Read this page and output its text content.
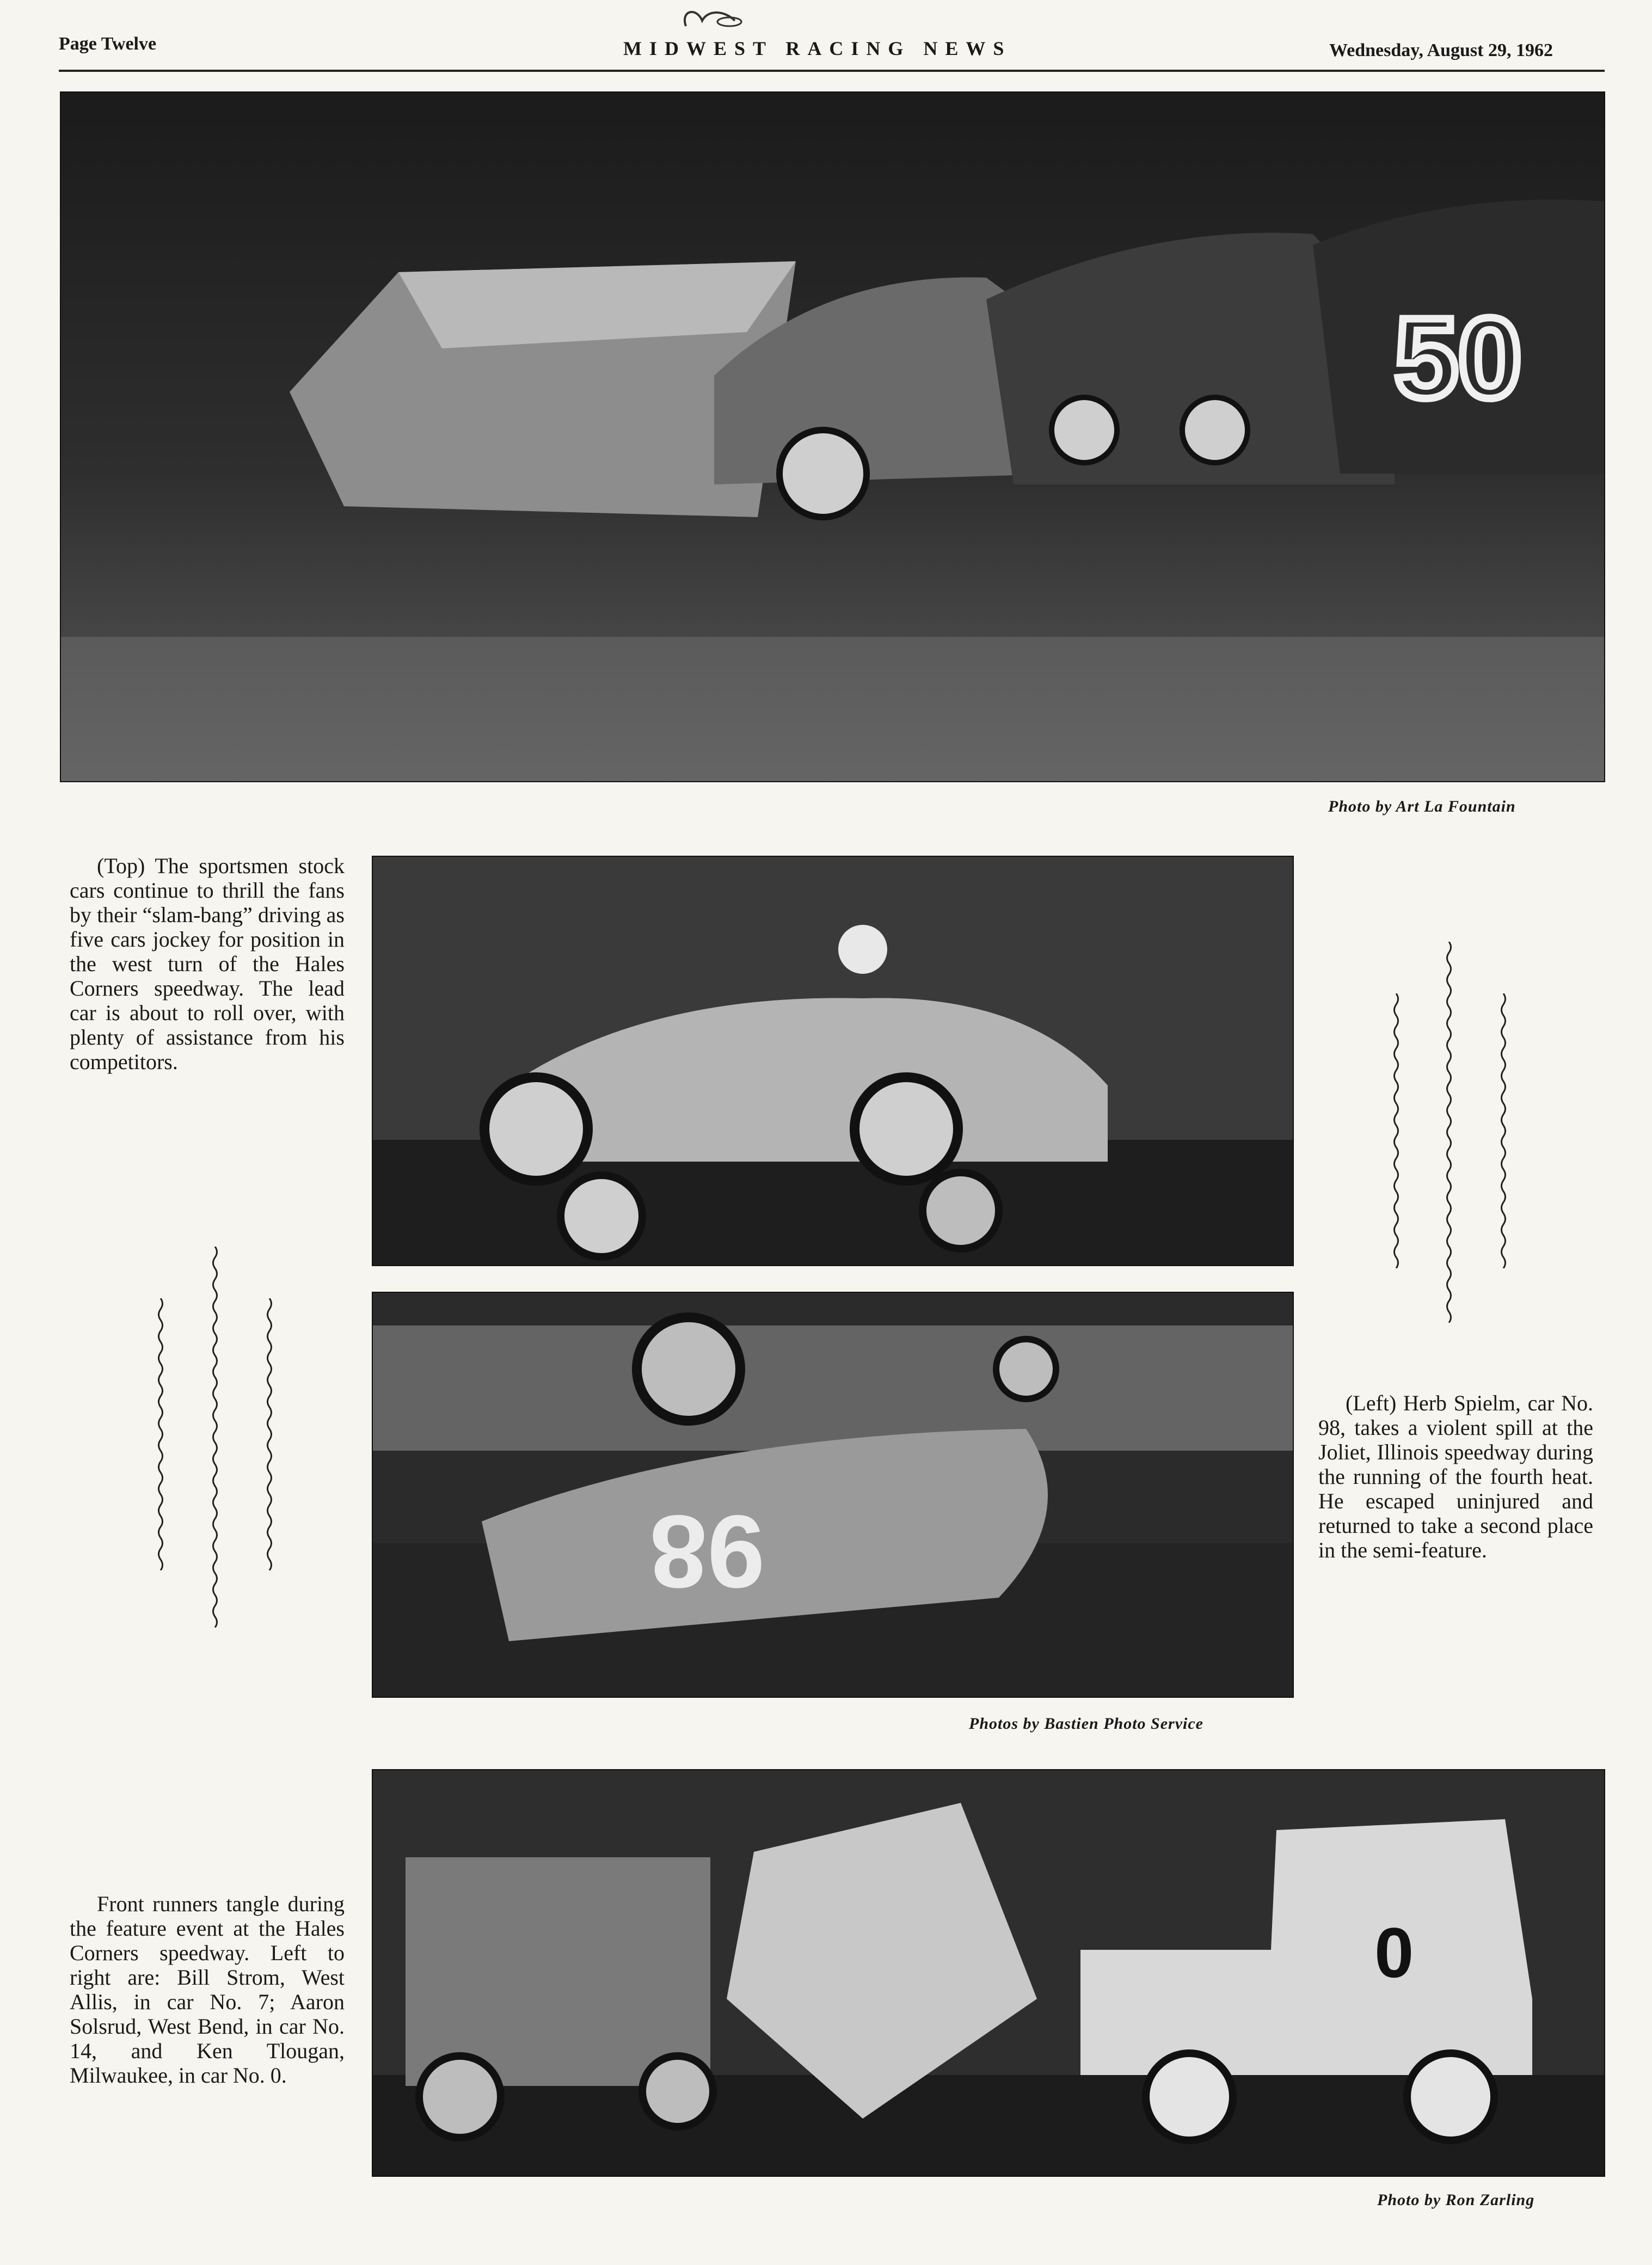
Page Twelve	MIDWEST RACING NEWS	Wednesday, August 29, 1962
50
Photo by Art La Fountain
(Top) The sportsmen stock cars continue to thrill the fans by their “slam-bang” driving as five cars jockey for position in the west turn of the Hales Corners speedway. The lead car is about to roll over, with plenty of assistance from his competitors.
98
Photos by Bastien Photo Service
(Left) Herb Spielm, car No. 98, takes a violent spill at the Joliet, Illinois speedway during the running of the fourth heat. He escaped uninjured and returned to take a second place in the semi-feature.
0
Front runners tangle during the feature event at the Hales Corners speedway. Left to right are: Bill Strom, West Allis, in car No. 7; Aaron Solsrud, West Bend, in car No. 14, and Ken Tlougan, Milwaukee, in car No. 0.
Photo by Ron Zarling
